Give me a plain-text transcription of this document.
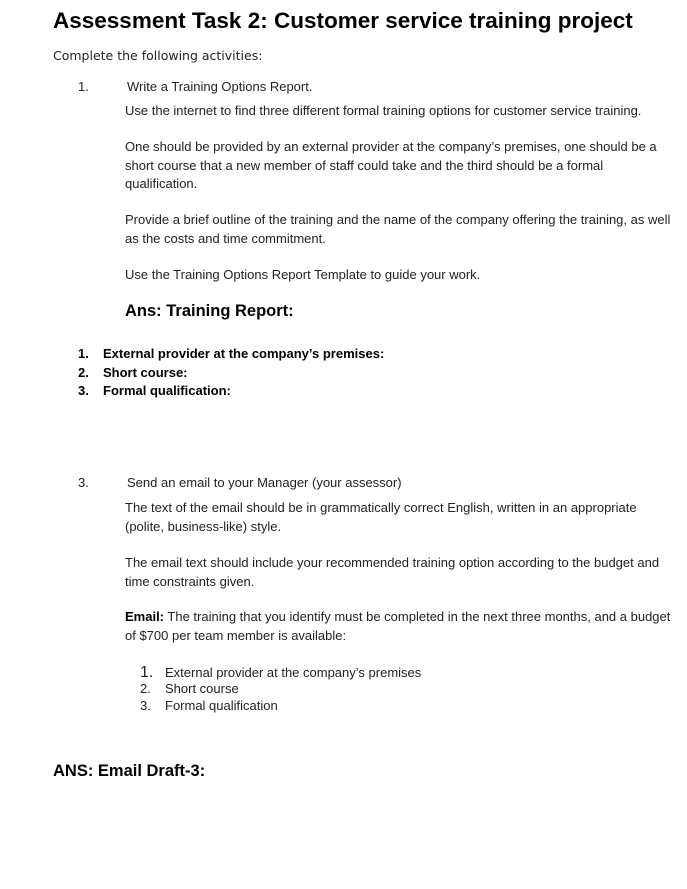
Assessment Task 2: Customer service training project
Complete the following activities:
1.	Write a Training Options Report.
Use the internet to find three different formal training options for customer service training.
One should be provided by an external provider at the company’s premises, one should be a short course that a new member of staff could take and the third should be a formal qualification.
Provide a brief outline of the training and the name of the company offering the training, as well as the costs and time commitment.
Use the Training Options Report Template to guide your work.
Ans: Training Report:
1.	External provider at the company’s premises:
2.	Short course:
3.	Formal qualification:
3.	Send an email to your Manager (your assessor)
The text of the email should be in grammatically correct English, written in an appropriate (polite, business-like) style.
The email text should include your recommended training option according to the budget and time constraints given.
Email: The training that you identify must be completed in the next three months, and a budget of $700 per team member is available:
1. External provider at the company’s premises
2.	Short course
3.	Formal qualification
ANS: Email Draft-3:
